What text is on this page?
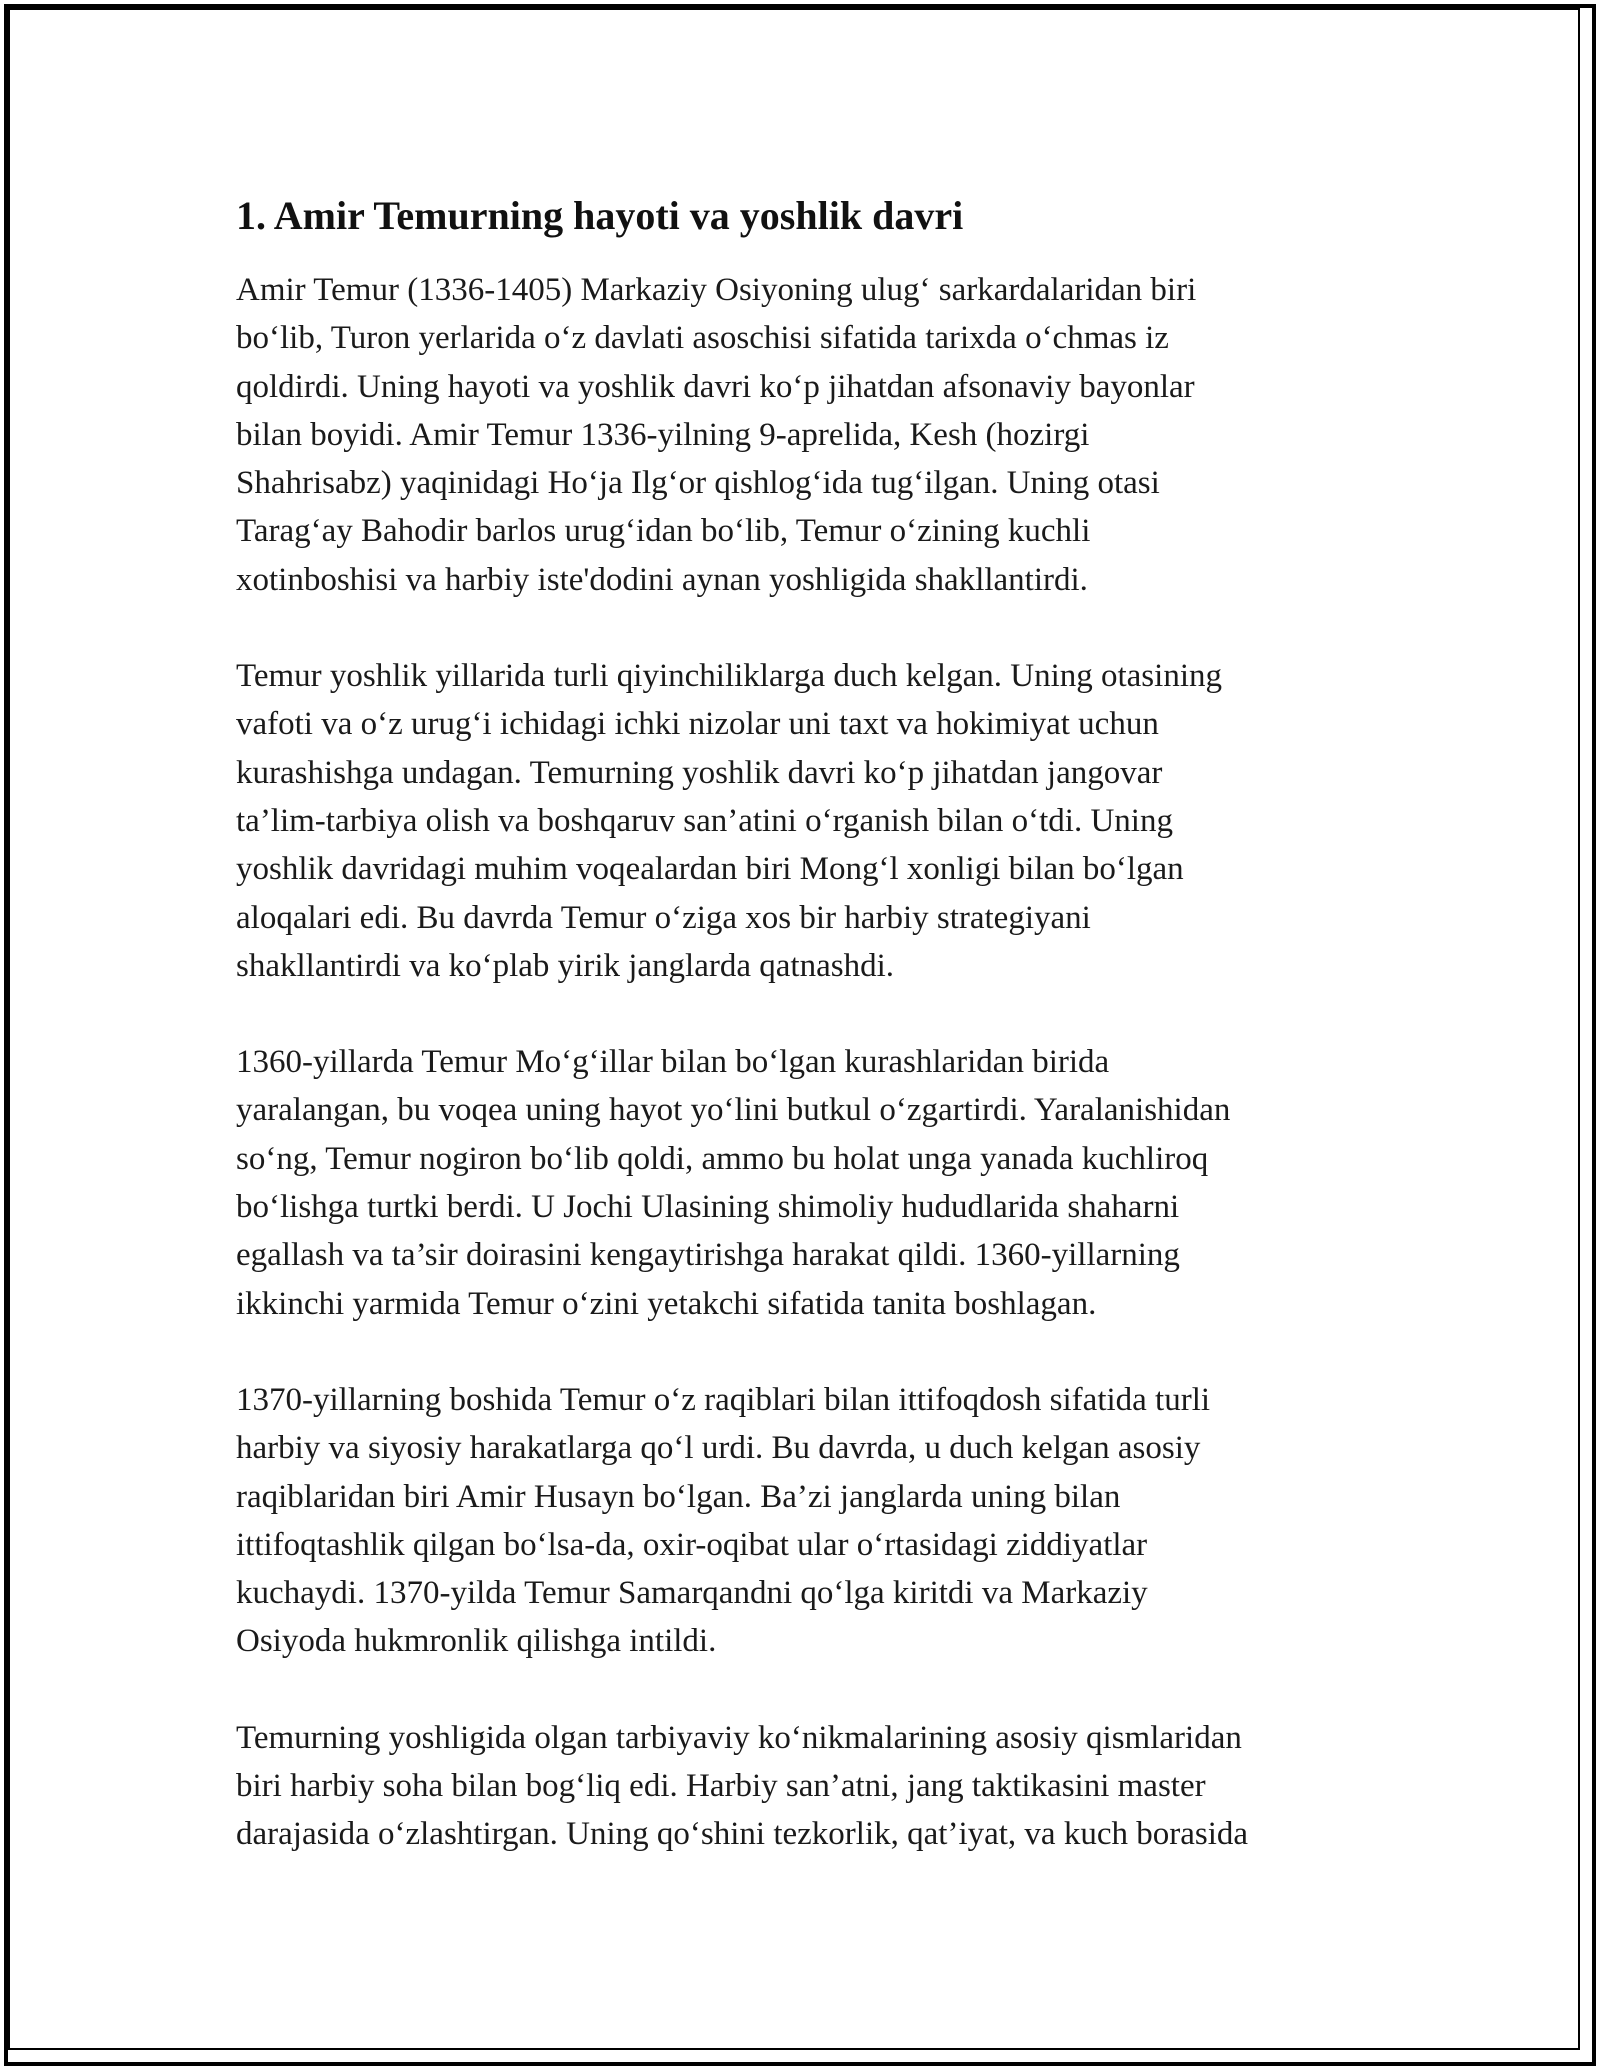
1. Amir Temurning hayoti va yoshlik davri

Amir Temur (1336-1405) Markaziy Osiyoning ulug‘ sarkardalaridan biri
bo‘lib, Turon yerlarida o‘z davlati asoschisi sifatida tarixda o‘chmas iz
qoldirdi. Uning hayoti va yoshlik davri ko‘p jihatdan afsonaviy bayonlar
bilan boyidi. Amir Temur 1336-yilning 9-aprelida, Kesh (hozirgi
Shahrisabz) yaqinidagi Ho‘ja Ilg‘or qishlog‘ida tug‘ilgan. Uning otasi
Tarag‘ay Bahodir barlos urug‘idan bo‘lib, Temur o‘zining kuchli
xotinboshisi va harbiy iste'dodini aynan yoshligida shakllantirdi.

Temur yoshlik yillarida turli qiyinchiliklarga duch kelgan. Uning otasining
vafoti va o‘z urug‘i ichidagi ichki nizolar uni taxt va hokimiyat uchun
kurashishga undagan. Temurning yoshlik davri ko‘p jihatdan jangovar
ta’lim-tarbiya olish va boshqaruv san’atini o‘rganish bilan o‘tdi. Uning
yoshlik davridagi muhim voqealardan biri Mong‘l xonligi bilan bo‘lgan
aloqalari edi. Bu davrda Temur o‘ziga xos bir harbiy strategiyani
shakllantirdi va ko‘plab yirik janglarda qatnashdi.

1360-yillarda Temur Mo‘g‘illar bilan bo‘lgan kurashlaridan birida
yaralangan, bu voqea uning hayot yo‘lini butkul o‘zgartirdi. Yaralanishidan
so‘ng, Temur nogiron bo‘lib qoldi, ammo bu holat unga yanada kuchliroq
bo‘lishga turtki berdi. U Jochi Ulasining shimoliy hududlarida shaharni
egallash va ta’sir doirasini kengaytirishga harakat qildi. 1360-yillarning
ikkinchi yarmida Temur o‘zini yetakchi sifatida tanita boshlagan.

1370-yillarning boshida Temur o‘z raqiblari bilan ittifoqdosh sifatida turli
harbiy va siyosiy harakatlarga qo‘l urdi. Bu davrda, u duch kelgan asosiy
raqiblaridan biri Amir Husayn bo‘lgan. Ba’zi janglarda uning bilan
ittifoqtashlik qilgan bo‘lsa-da, oxir-oqibat ular o‘rtasidagi ziddiyatlar
kuchaydi. 1370-yilda Temur Samarqandni qo‘lga kiritdi va Markaziy
Osiyoda hukmronlik qilishga intildi.

Temurning yoshligida olgan tarbiyaviy ko‘nikmalarining asosiy qismlaridan
biri harbiy soha bilan bog‘liq edi. Harbiy san’atni, jang taktikasini master
darajasida o‘zlashtirgan. Uning qo‘shini tezkorlik, qat’iyat, va kuch borasida
